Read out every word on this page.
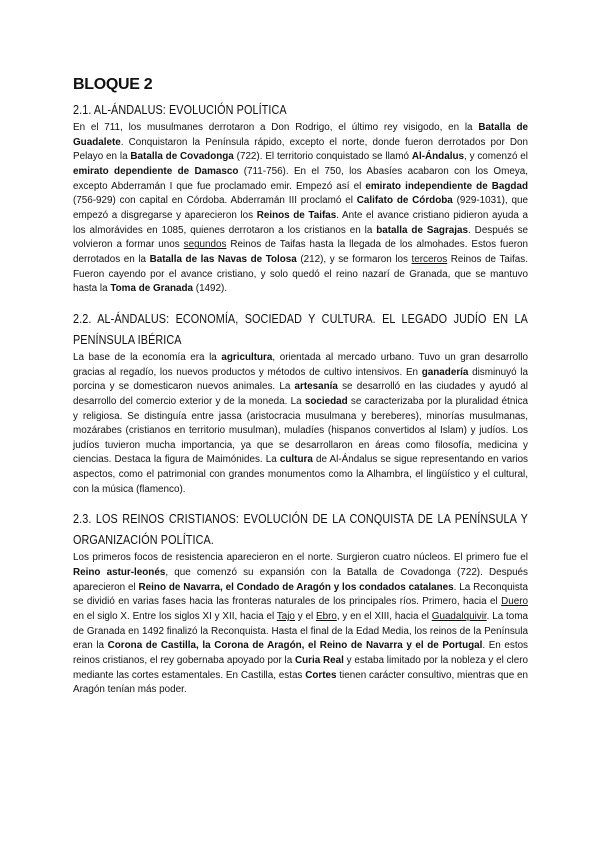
BLOQUE 2
2.1. AL-ÁNDALUS: EVOLUCIÓN POLÍTICA

En el 711, los musulmanes derrotaron a Don Rodrigo, el último rey visigodo, en la Batalla de Guadalete. Conquistaron la Península rápido, excepto el norte, donde fueron derrotados por Don Pelayo en la Batalla de Covadonga (722). El territorio conquistado se llamó Al-Ándalus, y comenzó el emirato dependiente de Damasco (711-756). En el 750, los Abasíes acabaron con los Omeya, excepto Abderramán I que fue proclamado emir. Empezó así el emirato independiente de Bagdad (756-929) con capital en Córdoba. Abderramán III proclamó el Califato de Córdoba (929-1031), que empezó a disgregarse y aparecieron los Reinos de Taifas. Ante el avance cristiano pidieron ayuda a los almorávides en 1085, quienes derrotaron a los cristianos en la batalla de Sagrajas. Después se volvieron a formar unos segundos Reinos de Taifas hasta la llegada de los almohades. Estos fueron derrotados en la Batalla de las Navas de Tolosa (212), y se formaron los terceros Reinos de Taifas. Fueron cayendo por el avance cristiano, y solo quedó el reino nazarí de Granada, que se mantuvo hasta la Toma de Granada (1492).

2.2. AL-ÁNDALUS: ECONOMÍA, SOCIEDAD Y CULTURA. EL LEGADO JUDÍO EN LA PENÍNSULA IBÉRICA

La base de la economía era la agricultura, orientada al mercado urbano. Tuvo un gran desarrollo gracias al regadío, los nuevos productos y métodos de cultivo intensivos. En ganadería disminuyó la porcina y se domesticaron nuevos animales. La artesanía se desarrolló en las ciudades y ayudó al desarrollo del comercio exterior y de la moneda. La sociedad se caracterizaba por la pluralidad étnica y religiosa. Se distinguía entre jassa (aristocracia musulmana y bereberes), minorías musulmanas, mozárabes (cristianos en territorio musulman), muladíes (hispanos convertidos al Islam) y judíos. Los judíos tuvieron mucha importancia, ya que se desarrollaron en áreas como filosofía, medicina y ciencias. Destaca la figura de Maimónides. La cultura de Al-Ándalus se sigue representando en varios aspectos, como el patrimonial con grandes monumentos como la Alhambra, el lingüístico y el cultural, con la música (flamenco).

2.3. LOS REINOS CRISTIANOS: EVOLUCIÓN DE LA CONQUISTA DE LA PENÍNSULA Y ORGANIZACIÓN POLÍTICA.

Los primeros focos de resistencia aparecieron en el norte. Surgieron cuatro núcleos. El primero fue el Reino astur-leonés, que comenzó su expansión con la Batalla de Covadonga (722). Después aparecieron el Reino de Navarra, el Condado de Aragón y los condados catalanes. La Reconquista se dividió en varias fases hacia las fronteras naturales de los principales ríos. Primero, hacia el Duero en el siglo X. Entre los siglos XI y XII, hacia el Tajo y el Ebro, y en el XIII, hacia el Guadalquivir. La toma de Granada en 1492 finalizó la Reconquista. Hasta el final de la Edad Media, los reinos de la Península eran la Corona de Castilla, la Corona de Aragón, el Reino de Navarra y el de Portugal. En estos reinos cristianos, el rey gobernaba apoyado por la Curia Real y estaba limitado por la nobleza y el clero mediante las cortes estamentales. En Castilla, estas Cortes tienen carácter consultivo, mientras que en Aragón tenían más poder.
